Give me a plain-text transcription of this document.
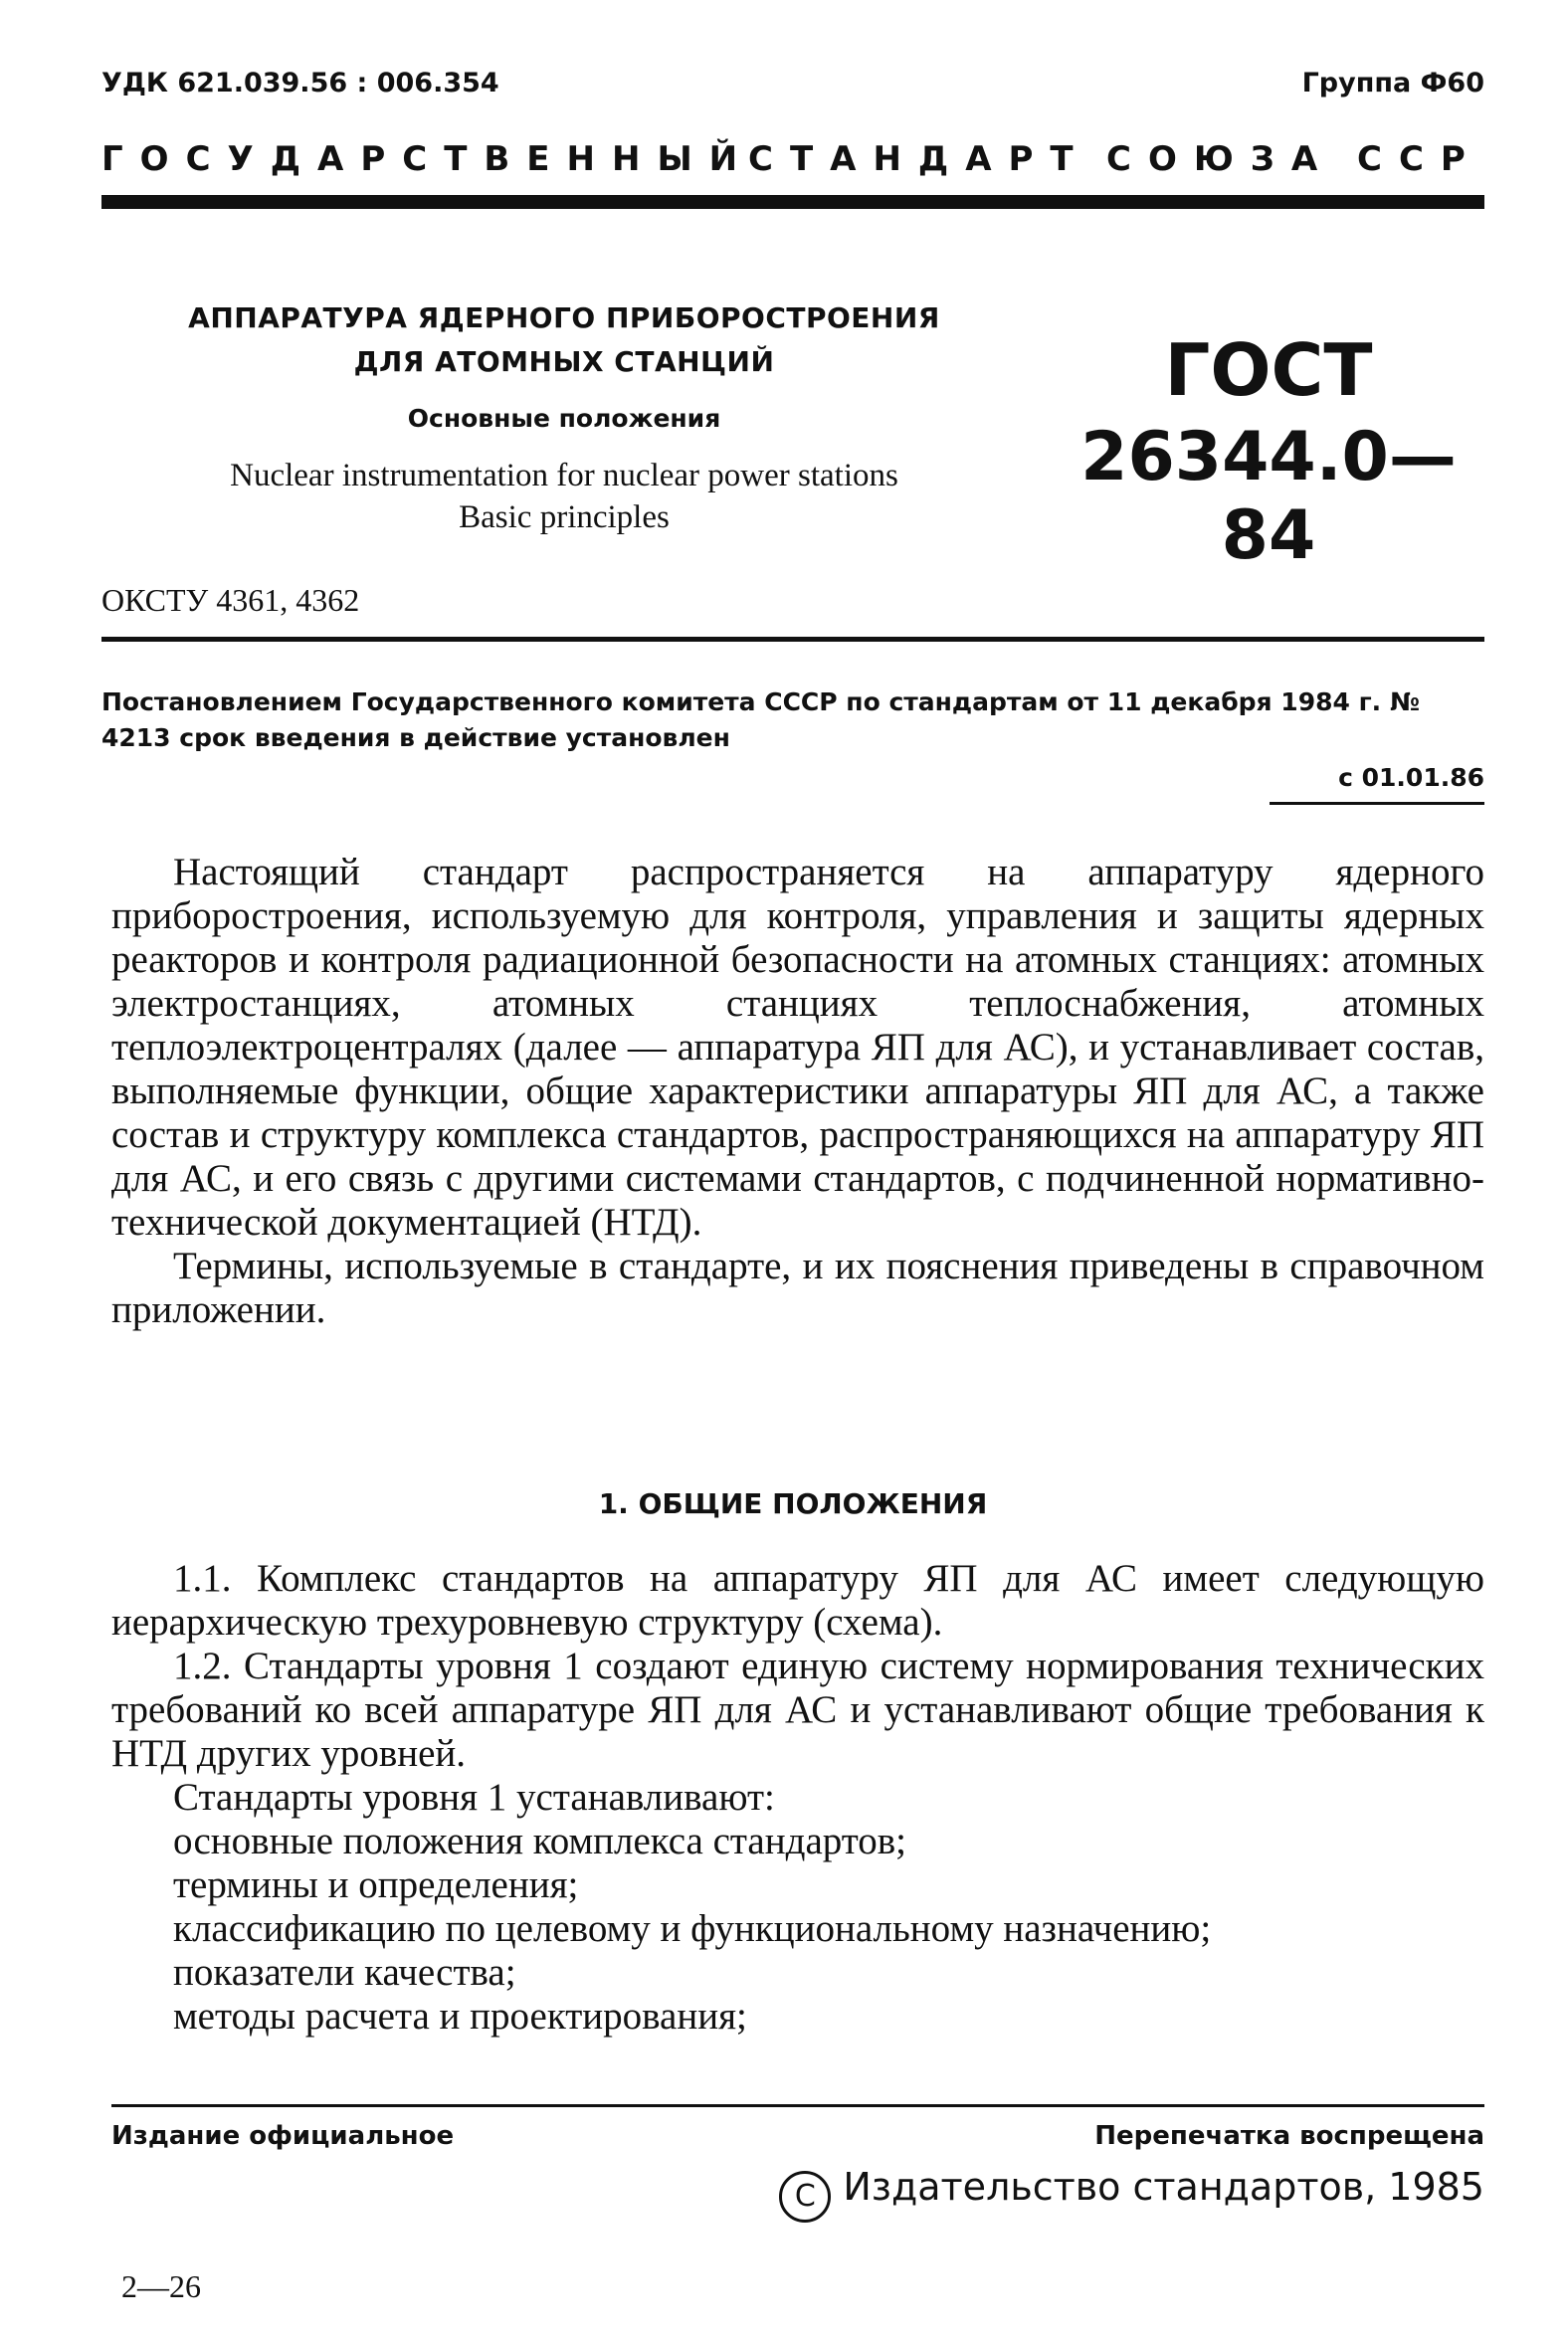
УДК 621.039.56 : 006.354	Группа Ф60
ГОСУДАРСТВЕННЫЙ
СТАНДАРТ СОЮЗА ССР
АППАРАТУРА ЯДЕРНОГО ПРИБОРОСТРОЕНИЯ
ДЛЯ АТОМНЫХ СТАНЦИЙ
Основные положения
Nuclear instrumentation for nuclear power stations
Basic principles
ГОСТ
26344.0—84
ОКСТУ 4361, 4362
Постановлением Государственного комитета СССР по стандартам от 11 декабря 1984 г. № 4213 срок введения в действие установлен
с 01.01.86

Настоящий стандарт распространяется на аппаратуру ядерного приборостроения, используемую для контроля, управления и защиты ядерных реакторов и контроля радиационной безопасности на атомных станциях: атомных электростанциях, атомных станциях теплоснабжения, атомных теплоэлектроцентралях (далее — аппаратура ЯП для АС), и устанавливает состав, выполняемые функции, общие характеристики аппаратуры ЯП для АС, а также состав и структуру комплекса стандартов, распространяющихся на аппаратуру ЯП для АС, и его связь с другими системами стандартов, с подчиненной нормативно-технической документацией (НТД).

Термины, используемые в стандарте, и их пояснения приведены в справочном приложении.

1. ОБЩИЕ ПОЛОЖЕНИЯ

1.1. Комплекс стандартов на аппаратуру ЯП для АС имеет следующую иерархическую трехуровневую структуру (схема).

1.2. Стандарты уровня 1 создают единую систему нормирования технических требований ко всей аппаратуре ЯП для АС и устанавливают общие требования к НТД других уровней.

Стандарты уровня 1 устанавливают:

основные положения комплекса стандартов;

термины и определения;

классификацию по целевому и функциональному назначению;

показатели качества;

методы расчета и проектирования;

Издание официальное	Перепечатка воспрещена
C Издательство стандартов, 1985
2—26
